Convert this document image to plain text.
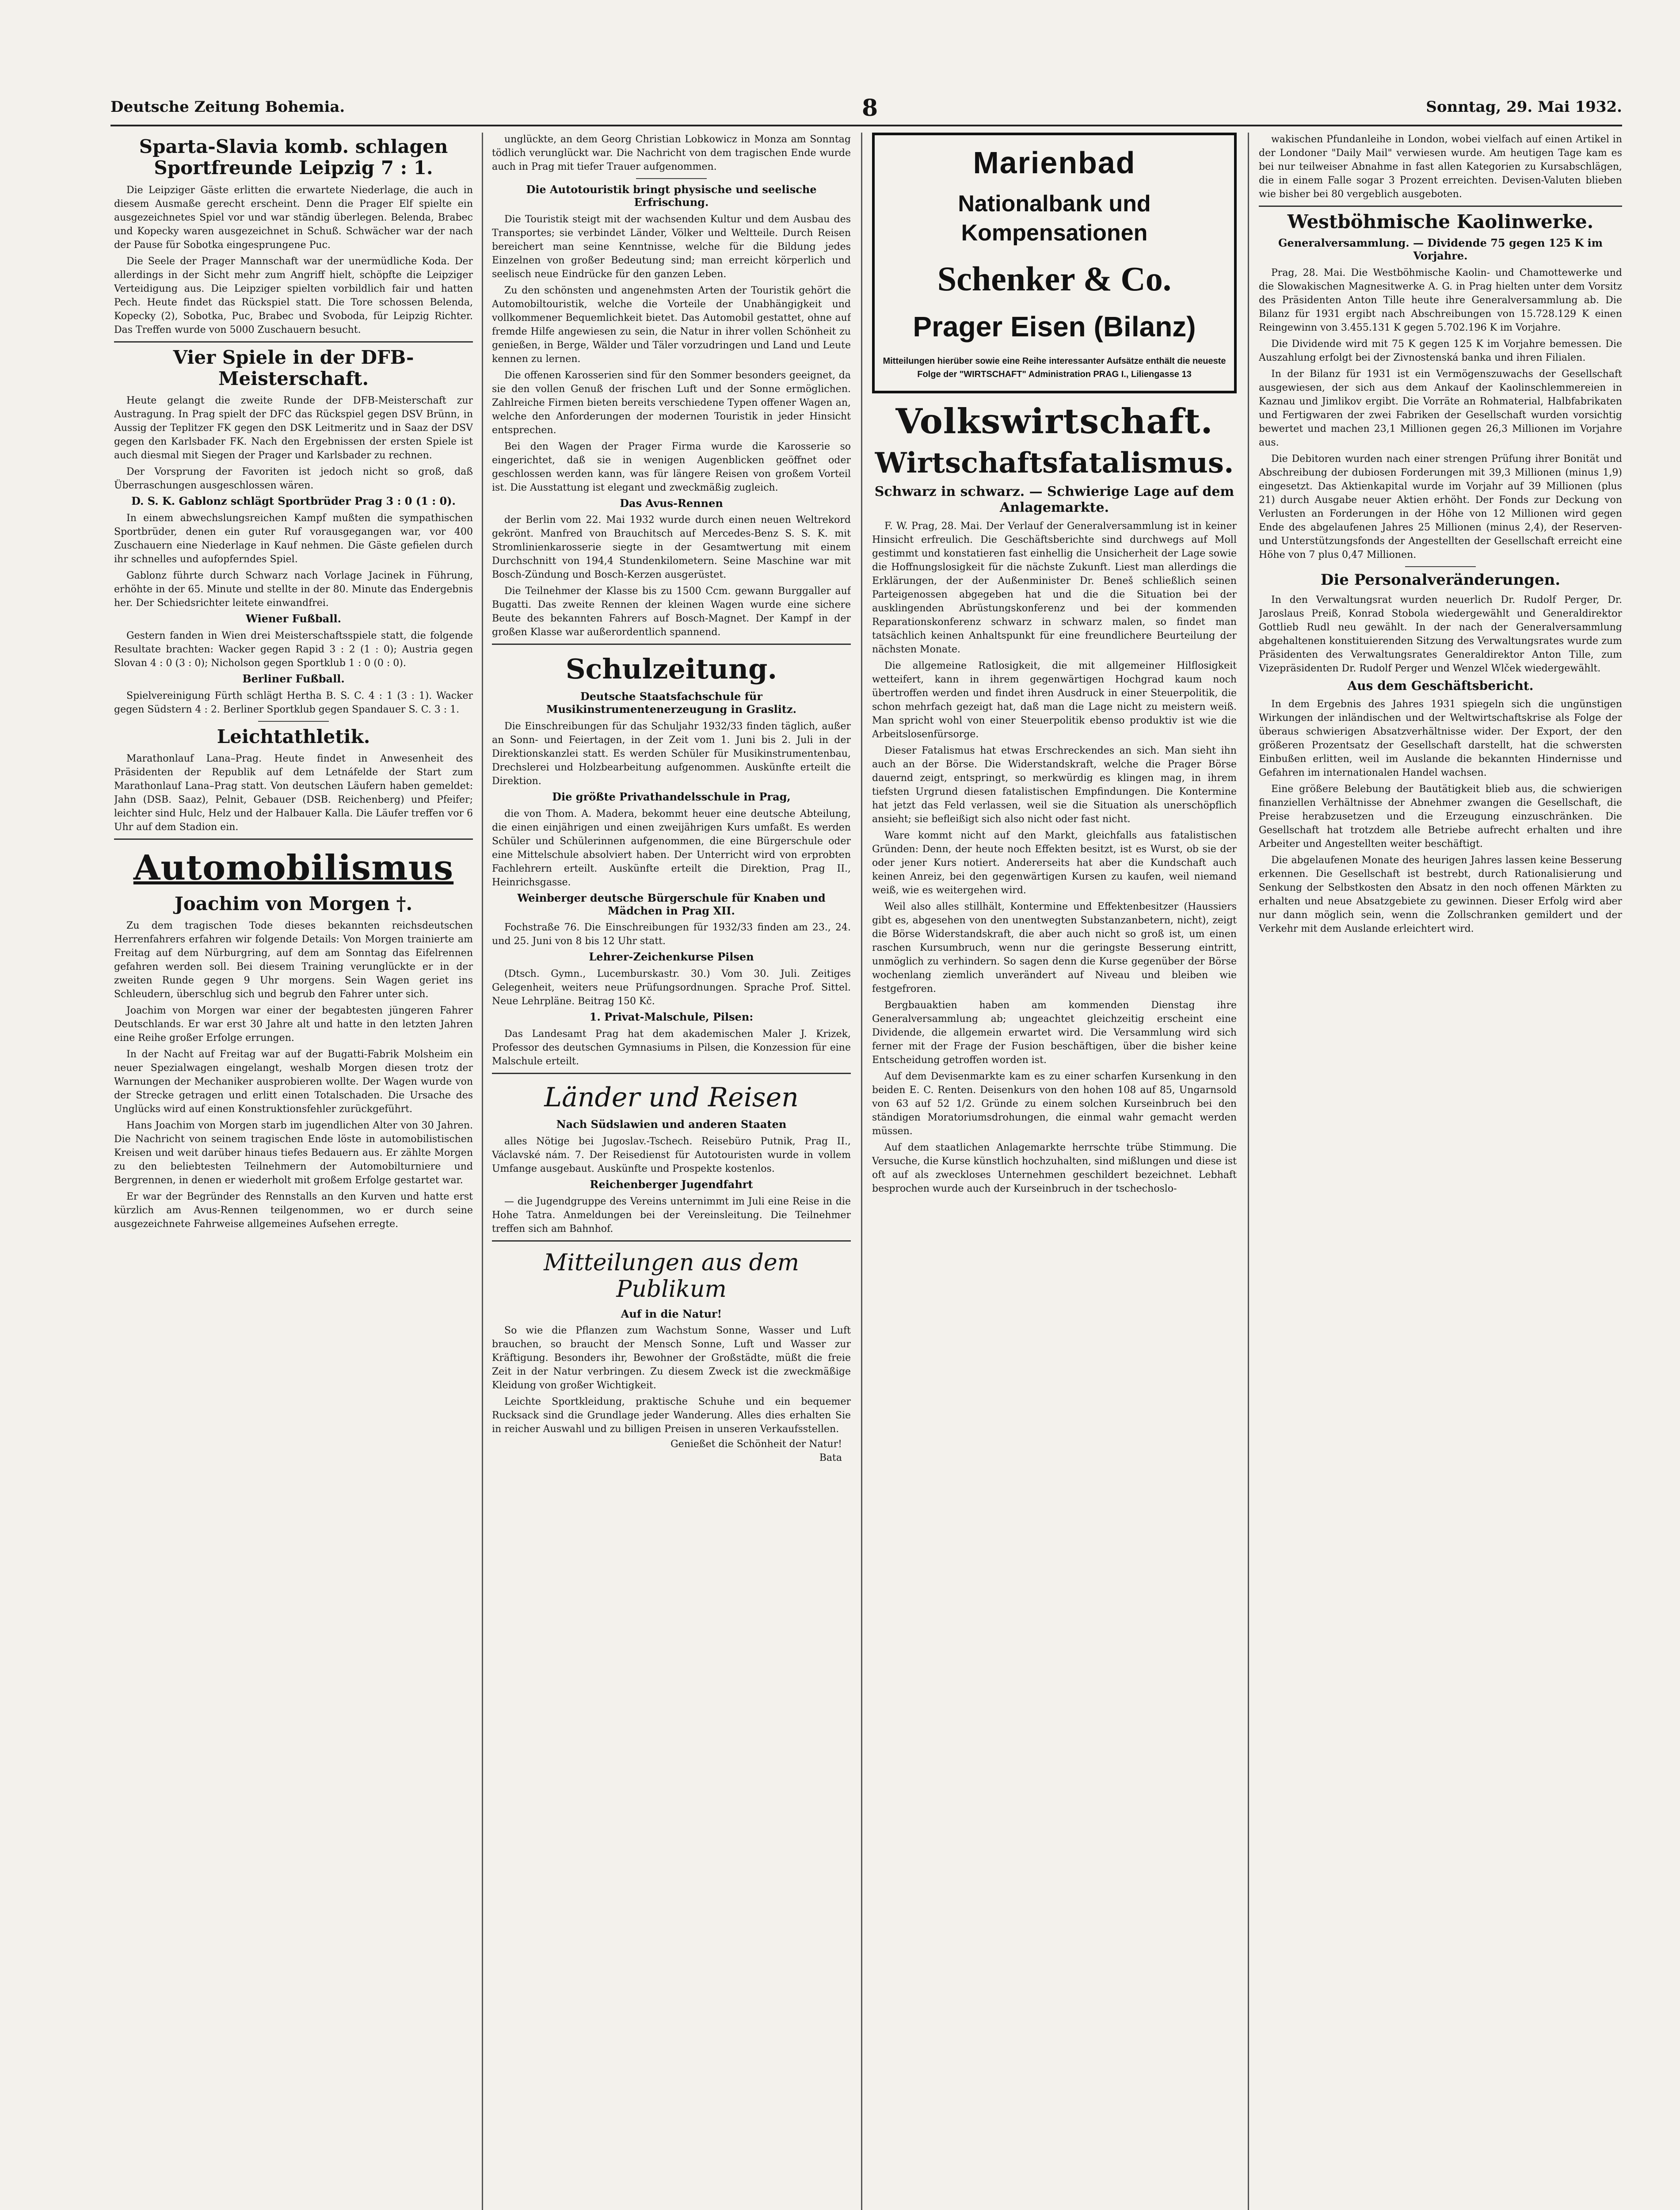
Deutsche Zeitung Bohemia.	8	Sonntag, 29. Mai 1932.
Sparta-Slavia komb. schlagen Sportfreunde Leipzig 7 : 1.

Die Leipziger Gäste erlitten die erwartete Niederlage, die auch in diesem Ausmaße gerecht erscheint. Denn die Prager Elf spielte ein ausgezeichnetes Spiel vor und war ständig überlegen. Belenda, Brabec und Kopecky waren ausgezeichnet in Schuß. Schwächer war der nach der Pause für Sobotka eingesprungene Puc.

Die Seele der Prager Mannschaft war der unermüdliche Koda. Der allerdings in der Sicht mehr zum Angriff hielt, schöpfte die Leipziger Verteidigung aus. Die Leipziger spielten vorbildlich fair und hatten Pech. Heute findet das Rückspiel statt. Die Tore schossen Belenda, Kopecky (2), Sobotka, Puc, Brabec und Svoboda, für Leipzig Richter. Das Treffen wurde von 5000 Zuschauern besucht.

Vier Spiele in der DFB-Meisterschaft.

Heute gelangt die zweite Runde der DFB-Meisterschaft zur Austragung. In Prag spielt der DFC das Rückspiel gegen DSV Brünn, in Aussig der Teplitzer FK gegen den DSK Leitmeritz und in Saaz der DSV gegen den Karlsbader FK. Nach den Ergebnissen der ersten Spiele ist auch diesmal mit Siegen der Prager und Karlsbader zu rechnen.

Der Vorsprung der Favoriten ist jedoch nicht so groß, daß Überraschungen ausgeschlossen wären.

D. S. K. Gablonz schlägt Sportbrüder Prag 3 : 0 (1 : 0).

In einem abwechslungsreichen Kampf mußten die sympathischen Sportbrüder, denen ein guter Ruf vorausgegangen war, vor 400 Zuschauern eine Niederlage in Kauf nehmen. Die Gäste gefielen durch ihr schnelles und aufopferndes Spiel.

Gablonz führte durch Schwarz nach Vorlage Jacinek in Führung, erhöhte in der 65. Minute und stellte in der 80. Minute das Endergebnis her. Der Schiedsrichter leitete einwandfrei.

Wiener Fußball.

Gestern fanden in Wien drei Meisterschaftsspiele statt, die folgende Resultate brachten: Wacker gegen Rapid 3 : 2 (1 : 0); Austria gegen Slovan 4 : 0 (3 : 0); Nicholson gegen Sportklub 1 : 0 (0 : 0).

Berliner Fußball.

Spielvereinigung Fürth schlägt Hertha B. S. C. 4 : 1 (3 : 1). Wacker gegen Südstern 4 : 2. Berliner Sportklub gegen Spandauer S. C. 3 : 1.

Leichtathletik.

Marathonlauf Lana–Prag. Heute findet in Anwesenheit des Präsidenten der Republik auf dem Letnáfelde der Start zum Marathonlauf Lana–Prag statt. Von deutschen Läufern haben gemeldet: Jahn (DSB. Saaz), Pelnit, Gebauer (DSB. Reichenberg) und Pfeifer; leichter sind Hulc, Helz und der Halbauer Kalla. Die Läufer treffen vor 6 Uhr auf dem Stadion ein.

Automobilismus
Joachim von Morgen †.

Zu dem tragischen Tode dieses bekannten reichsdeutschen Herrenfahrers erfahren wir folgende Details: Von Morgen trainierte am Freitag auf dem Nürburgring, auf dem am Sonntag das Eifelrennen gefahren werden soll. Bei diesem Training verunglückte er in der zweiten Runde gegen 9 Uhr morgens. Sein Wagen geriet ins Schleudern, überschlug sich und begrub den Fahrer unter sich.

Joachim von Morgen war einer der begabtesten jüngeren Fahrer Deutschlands. Er war erst 30 Jahre alt und hatte in den letzten Jahren eine Reihe großer Erfolge errungen.

In der Nacht auf Freitag war auf der Bugatti-Fabrik Molsheim ein neuer Spezialwagen eingelangt, weshalb Morgen diesen trotz der Warnungen der Mechaniker ausprobieren wollte. Der Wagen wurde von der Strecke getragen und erlitt einen Totalschaden. Die Ursache des Unglücks wird auf einen Konstruktionsfehler zurückgeführt.

Hans Joachim von Morgen starb im jugendlichen Alter von 30 Jahren. Die Nachricht von seinem tragischen Ende löste in automobilistischen Kreisen und weit darüber hinaus tiefes Bedauern aus. Er zählte Morgen zu den beliebtesten Teilnehmern der Automobilturniere und Bergrennen, in denen er wiederholt mit großem Erfolge gestartet war.

Er war der Begründer des Rennstalls an den Kurven und hatte erst kürzlich am Avus-Rennen teilgenommen, wo er durch seine ausgezeichnete Fahrweise allgemeines Aufsehen erregte.

unglückte, an dem Georg Christian Lobkowicz in Monza am Sonntag tödlich verunglückt war. Die Nachricht von dem tragischen Ende wurde auch in Prag mit tiefer Trauer aufgenommen.

Die Autotouristik bringt physische und seelische Erfrischung.

Die Touristik steigt mit der wachsenden Kultur und dem Ausbau des Transportes; sie verbindet Länder, Völker und Weltteile. Durch Reisen bereichert man seine Kenntnisse, welche für die Bildung jedes Einzelnen von großer Bedeutung sind; man erreicht körperlich und seelisch neue Eindrücke für den ganzen Leben.

Zu den schönsten und angenehmsten Arten der Touristik gehört die Automobiltouristik, welche die Vorteile der Unabhängigkeit und vollkommener Bequemlichkeit bietet. Das Automobil gestattet, ohne auf fremde Hilfe angewiesen zu sein, die Natur in ihrer vollen Schönheit zu genießen, in Berge, Wälder und Täler vorzudringen und Land und Leute kennen zu lernen.

Die offenen Karosserien sind für den Sommer besonders geeignet, da sie den vollen Genuß der frischen Luft und der Sonne ermöglichen. Zahlreiche Firmen bieten bereits verschiedene Typen offener Wagen an, welche den Anforderungen der modernen Touristik in jeder Hinsicht entsprechen.

Bei den Wagen der Prager Firma wurde die Karosserie so eingerichtet, daß sie in wenigen Augenblicken geöffnet oder geschlossen werden kann, was für längere Reisen von großem Vorteil ist. Die Ausstattung ist elegant und zweckmäßig zugleich.

Das Avus-Rennen

der Berlin vom 22. Mai 1932 wurde durch einen neuen Weltrekord gekrönt. Manfred von Brauchitsch auf Mercedes-Benz S. S. K. mit Stromlinienkarosserie siegte in der Gesamtwertung mit einem Durchschnitt von 194,4 Stundenkilometern. Seine Maschine war mit Bosch-Zündung und Bosch-Kerzen ausgerüstet.

Die Teilnehmer der Klasse bis zu 1500 Ccm. gewann Burggaller auf Bugatti. Das zweite Rennen der kleinen Wagen wurde eine sichere Beute des bekannten Fahrers auf Bosch-Magnet. Der Kampf in der großen Klasse war außerordentlich spannend.

Schulzeitung.
Deutsche Staatsfachschule für Musikinstrumentenerzeugung in Graslitz.

Die Einschreibungen für das Schuljahr 1932/33 finden täglich, außer an Sonn- und Feiertagen, in der Zeit vom 1. Juni bis 2. Juli in der Direktionskanzlei statt. Es werden Schüler für Musikinstrumentenbau, Drechslerei und Holzbearbeitung aufgenommen. Auskünfte erteilt die Direktion.

Die größte Privathandelsschule in Prag,

die von Thom. A. Madera, bekommt heuer eine deutsche Abteilung, die einen einjährigen und einen zweijährigen Kurs umfaßt. Es werden Schüler und Schülerinnen aufgenommen, die eine Bürgerschule oder eine Mittelschule absolviert haben. Der Unterricht wird von erprobten Fachlehrern erteilt. Auskünfte erteilt die Direktion, Prag II., Heinrichsgasse.

Weinberger deutsche Bürgerschule für Knaben und Mädchen in Prag XII.

Fochstraße 76. Die Einschreibungen für 1932/33 finden am 23., 24. und 25. Juni von 8 bis 12 Uhr statt.

Lehrer-Zeichenkurse Pilsen

(Dtsch. Gymn., Lucemburskastr. 30.) Vom 30. Juli. Zeitiges Gelegenheit, weiters neue Prüfungsordnungen. Sprache Prof. Sittel. Neue Lehrpläne. Beitrag 150 Kč.

1. Privat-Malschule, Pilsen:

Das Landesamt Prag hat dem akademischen Maler J. Krizek, Professor des deutschen Gymnasiums in Pilsen, die Konzession für eine Malschule erteilt.

Länder und Reisen
Nach Südslawien und anderen Staaten

alles Nötige bei Jugoslav.-Tschech. Reisebüro Putnik, Prag II., Václavské nám. 7. Der Reisedienst für Autotouristen wurde in vollem Umfange ausgebaut. Auskünfte und Prospekte kostenlos.

Reichenberger Jugendfahrt

— die Jugendgruppe des Vereins unternimmt im Juli eine Reise in die Hohe Tatra. Anmeldungen bei der Vereinsleitung. Die Teilnehmer treffen sich am Bahnhof.

Mitteilungen aus dem Publikum
Auf in die Natur!

So wie die Pflanzen zum Wachstum Sonne, Wasser und Luft brauchen, so braucht der Mensch Sonne, Luft und Wasser zur Kräftigung. Besonders ihr, Bewohner der Großstädte, müßt die freie Zeit in der Natur verbringen. Zu diesem Zweck ist die zweckmäßige Kleidung von großer Wichtigkeit.

Leichte Sportkleidung, praktische Schuhe und ein bequemer Rucksack sind die Grundlage jeder Wanderung. Alles dies erhalten Sie in reicher Auswahl und zu billigen Preisen in unseren Verkaufsstellen.

Genießet die Schönheit der Natur!
Bata
Marienbad
Nationalbank und Kompensationen
Schenker & Co.
Prager Eisen (Bilanz)
Mitteilungen hierüber sowie eine Reihe interessanter Aufsätze enthält die neueste Folge der "WIRTSCHAFT" Administration PRAG I., Liliengasse 13
Volkswirtschaft.
Wirtschaftsfatalismus.
Schwarz in schwarz. — Schwierige Lage auf dem Anlagemarkte.

F. W. Prag, 28. Mai. Der Verlauf der Generalversammlung ist in keiner Hinsicht erfreulich. Die Geschäftsberichte sind durchwegs auf Moll gestimmt und konstatieren fast einhellig die Unsicherheit der Lage sowie die Hoffnungslosigkeit für die nächste Zukunft. Liest man allerdings die Erklärungen, der der Außenminister Dr. Beneš schließlich seinen Parteigenossen abgegeben hat und die die Situation bei der ausklingenden Abrüstungskonferenz und bei der kommenden Reparationskonferenz schwarz in schwarz malen, so findet man tatsächlich keinen Anhaltspunkt für eine freundlichere Beurteilung der nächsten Monate.

Die allgemeine Ratlosigkeit, die mit allgemeiner Hilflosigkeit wetteifert, kann in ihrem gegenwärtigen Hochgrad kaum noch übertroffen werden und findet ihren Ausdruck in einer Steuerpolitik, die schon mehrfach gezeigt hat, daß man die Lage nicht zu meistern weiß. Man spricht wohl von einer Steuerpolitik ebenso produktiv ist wie die Arbeitslosenfürsorge.

Dieser Fatalismus hat etwas Erschreckendes an sich. Man sieht ihn auch an der Börse. Die Widerstandskraft, welche die Prager Börse dauernd zeigt, entspringt, so merkwürdig es klingen mag, in ihrem tiefsten Urgrund diesen fatalistischen Empfindungen. Die Kontermine hat jetzt das Feld verlassen, weil sie die Situation als unerschöpflich ansieht; sie befleißigt sich also nicht oder fast nicht.

Ware kommt nicht auf den Markt, gleichfalls aus fatalistischen Gründen: Denn, der heute noch Effekten besitzt, ist es Wurst, ob sie der oder jener Kurs notiert. Andererseits hat aber die Kundschaft auch keinen Anreiz, bei den gegenwärtigen Kursen zu kaufen, weil niemand weiß, wie es weitergehen wird.

Weil also alles stillhält, Kontermine und Effektenbesitzer (Haussiers gibt es, abgesehen von den unentwegten Substanzanbetern, nicht), zeigt die Börse Widerstandskraft, die aber auch nicht so groß ist, um einen raschen Kursumbruch, wenn nur die geringste Besserung eintritt, unmöglich zu verhindern. So sagen denn die Kurse gegenüber der Börse wochenlang ziemlich unverändert auf Niveau und bleiben wie festgefroren.

Bergbauaktien haben am kommenden Dienstag ihre Generalversammlung ab; ungeachtet gleichzeitig erscheint eine Dividende, die allgemein erwartet wird. Die Versammlung wird sich ferner mit der Frage der Fusion beschäftigen, über die bisher keine Entscheidung getroffen worden ist.

Auf dem Devisenmarkte kam es zu einer scharfen Kursenkung in den beiden E. C. Renten. Deisenkurs von den hohen 108 auf 85, Ungarnsold von 63 auf 52 1/2. Gründe zu einem solchen Kurseinbruch bei den ständigen Moratoriumsdrohungen, die einmal wahr gemacht werden müssen.

Auf dem staatlichen Anlagemarkte herrschte trübe Stimmung. Die Versuche, die Kurse künstlich hochzuhalten, sind mißlungen und diese ist oft auf als zweckloses Unternehmen geschildert bezeichnet. Lebhaft besprochen wurde auch der Kurseinbruch in der tschechoslo-

wakischen Pfundanleihe in London, wobei vielfach auf einen Artikel in der Londoner "Daily Mail" verwiesen wurde. Am heutigen Tage kam es bei nur teilweiser Abnahme in fast allen Kategorien zu Kursabschlägen, die in einem Falle sogar 3 Prozent erreichten. Devisen-Valuten blieben wie bisher bei 80 vergeblich ausgeboten.

Westböhmische Kaolinwerke.
Generalversammlung. — Dividende 75 gegen 125 K im Vorjahre.

Prag, 28. Mai. Die Westböhmische Kaolin- und Chamottewerke und die Slowakischen Magnesitwerke A. G. in Prag hielten unter dem Vorsitz des Präsidenten Anton Tille heute ihre Generalversammlung ab. Die Bilanz für 1931 ergibt nach Abschreibungen von 15.728.129 K einen Reingewinn von 3.455.131 K gegen 5.702.196 K im Vorjahre.

Die Dividende wird mit 75 K gegen 125 K im Vorjahre bemessen. Die Auszahlung erfolgt bei der Zivnostenská banka und ihren Filialen.

In der Bilanz für 1931 ist ein Vermögenszuwachs der Gesellschaft ausgewiesen, der sich aus dem Ankauf der Kaolinschlemmereien in Kaznau und Jimlikov ergibt. Die Vorräte an Rohmaterial, Halbfabrikaten und Fertigwaren der zwei Fabriken der Gesellschaft wurden vorsichtig bewertet und machen 23,1 Millionen gegen 26,3 Millionen im Vorjahre aus.

Die Debitoren wurden nach einer strengen Prüfung ihrer Bonität und Abschreibung der dubiosen Forderungen mit 39,3 Millionen (minus 1,9) eingesetzt. Das Aktienkapital wurde im Vorjahr auf 39 Millionen (plus 21) durch Ausgabe neuer Aktien erhöht. Der Fonds zur Deckung von Verlusten an Forderungen in der Höhe von 12 Millionen wird gegen Ende des abgelaufenen Jahres 25 Millionen (minus 2,4), der Reserven- und Unterstützungsfonds der Angestellten der Gesellschaft erreicht eine Höhe von 7 plus 0,47 Millionen.

Die Personalveränderungen.

In den Verwaltungsrat wurden neuerlich Dr. Rudolf Perger, Dr. Jaroslaus Preiß, Konrad Stobola wiedergewählt und Generaldirektor Gottlieb Rudl neu gewählt. In der nach der Generalversammlung abgehaltenen konstituierenden Sitzung des Verwaltungsrates wurde zum Präsidenten des Verwaltungsrates Generaldirektor Anton Tille, zum Vizepräsidenten Dr. Rudolf Perger und Wenzel Wlček wiedergewählt.

Aus dem Geschäftsbericht.

In dem Ergebnis des Jahres 1931 spiegeln sich die ungünstigen Wirkungen der inländischen und der Weltwirtschaftskrise als Folge der überaus schwierigen Absatzverhältnisse wider. Der Export, der den größeren Prozentsatz der Gesellschaft darstellt, hat die schwersten Einbußen erlitten, weil im Auslande die bekannten Hindernisse und Gefahren im internationalen Handel wachsen.

Eine größere Belebung der Bautätigkeit blieb aus, die schwierigen finanziellen Verhältnisse der Abnehmer zwangen die Gesellschaft, die Preise herabzusetzen und die Erzeugung einzuschränken. Die Gesellschaft hat trotzdem alle Betriebe aufrecht erhalten und ihre Arbeiter und Angestellten weiter beschäftigt.

Die abgelaufenen Monate des heurigen Jahres lassen keine Besserung erkennen. Die Gesellschaft ist bestrebt, durch Rationalisierung und Senkung der Selbstkosten den Absatz in den noch offenen Märkten zu erhalten und neue Absatzgebiete zu gewinnen. Dieser Erfolg wird aber nur dann möglich sein, wenn die Zollschranken gemildert und der Verkehr mit dem Auslande erleichtert wird.
